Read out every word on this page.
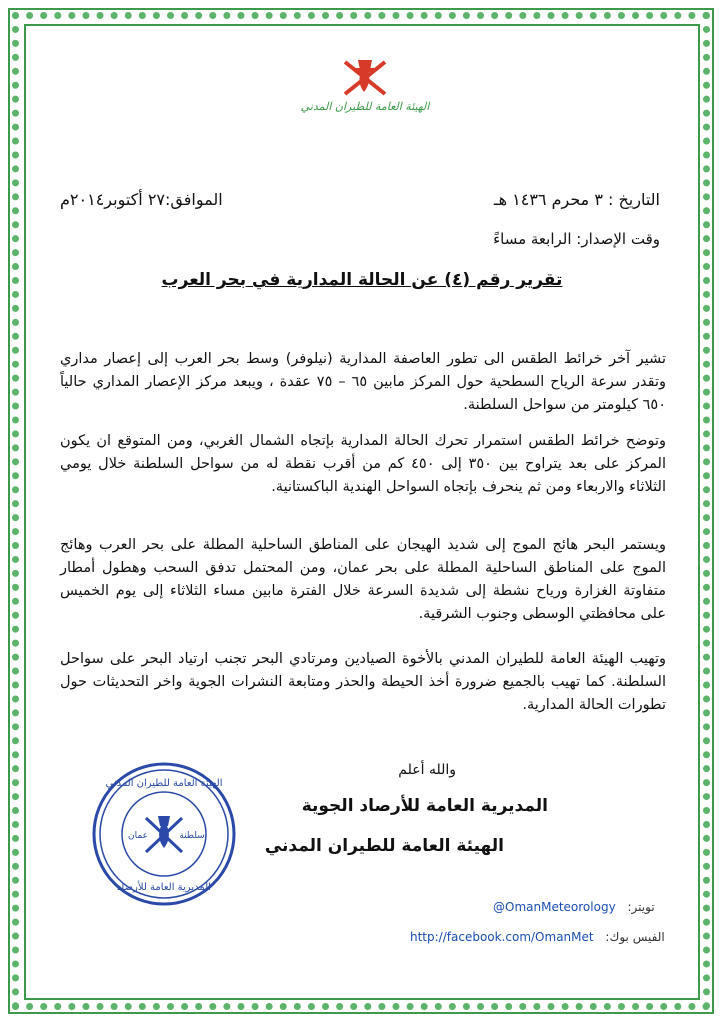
الهيئة العامة للطيران المدني
الموافق:٢٧ أكتوبر٢٠١٤م	التاريخ : ٣ محرم ١٤٣٦ هـ
وقت الإصدار: الرابعة مساءً
تقرير رقم (٤) عن الحالة المدارية في بحر العرب
تشير آخر خرائط الطقس الى تطور العاصفة المدارية (نيلوفر) وسط بحر العرب إلى إعصار مداري وتقدر سرعة الرياح السطحية حول المركز مابين ٦٥ – ٧٥ عقدة ، ويبعد مركز الإعصار المداري حالياً ٦٥٠ كيلومتر من سواحل السلطنة.
وتوضح خرائط الطقس استمرار تحرك الحالة المدارية بإتجاه الشمال الغربي، ومن المتوقع ان يكون المركز على بعد يتراوح بين ٣٥٠ إلى ٤٥٠ كم من أقرب نقطة له من سواحل السلطنة خلال يومي الثلاثاء والاربعاء ومن ثم ينحرف بإتجاه السواحل الهندية الباكستانية.
ويستمر البحر هائج الموج إلى شديد الهيجان على المناطق الساحلية المطلة على بحر العرب وهائج الموج على المناطق الساحلية المطلة على بحر عمان، ومن المحتمل تدفق السحب وهطول أمطار متفاوتة الغزارة ورياح نشطة إلى شديدة السرعة خلال الفترة مابين مساء الثلاثاء إلى يوم الخميس على محافظتي الوسطى وجنوب الشرقية.
وتهيب الهيئة العامة للطيران المدني بالأخوة الصيادين ومرتادي البحر تجنب ارتياد البحر على سواحل السلطنة. كما تهيب بالجميع ضرورة أخذ الحيطة والحذر ومتابعة النشرات الجوية واخر التحديثات حول تطورات الحالة المدارية.
والله أعلم
المديرية العامة للأرصاد الجوية
الهيئة العامة للطيران المدني
الهيئة العامة للطيران المدني
المديرية العامة للأرصاد
عمان	سلطنة
@OmanMeteorology تويتر:
http://facebook.com/OmanMet الفيس بوك:
